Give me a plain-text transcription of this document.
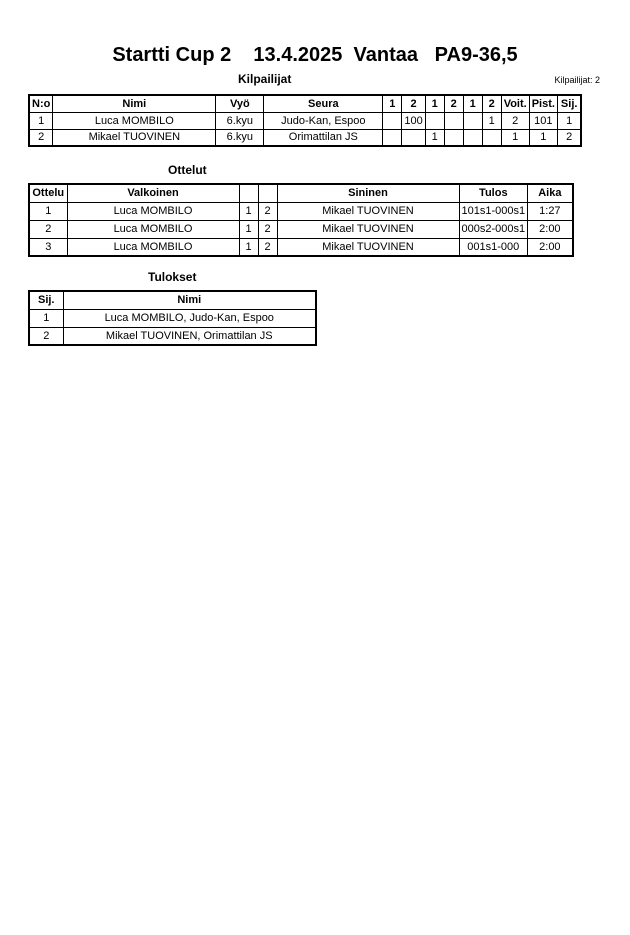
Startti Cup 2    13.4.2025  Vantaa   PA9-36,5
Kilpailijat	Kilpailijat: 2
N:o	Nimi	Vyö	Seura	1	2	1	2	1	2	Voit.	Pist.	Sij.
1	Luca MOMBILO	6.kyu	Judo-Kan, Espoo		100				1	2	101	1
2	Mikael TUOVINEN	6.kyu	Orimattilan JS			1				1	1	2
Ottelut
Ottelu	Valkoinen			Sininen	Tulos	Aika
1	Luca MOMBILO	1	2	Mikael TUOVINEN	101s1-000s1	1:27
2	Luca MOMBILO	1	2	Mikael TUOVINEN	000s2-000s1	2:00
3	Luca MOMBILO	1	2	Mikael TUOVINEN	001s1-000	2:00
Tulokset
Sij.	Nimi
1	Luca MOMBILO, Judo-Kan, Espoo
2	Mikael TUOVINEN, Orimattilan JS
